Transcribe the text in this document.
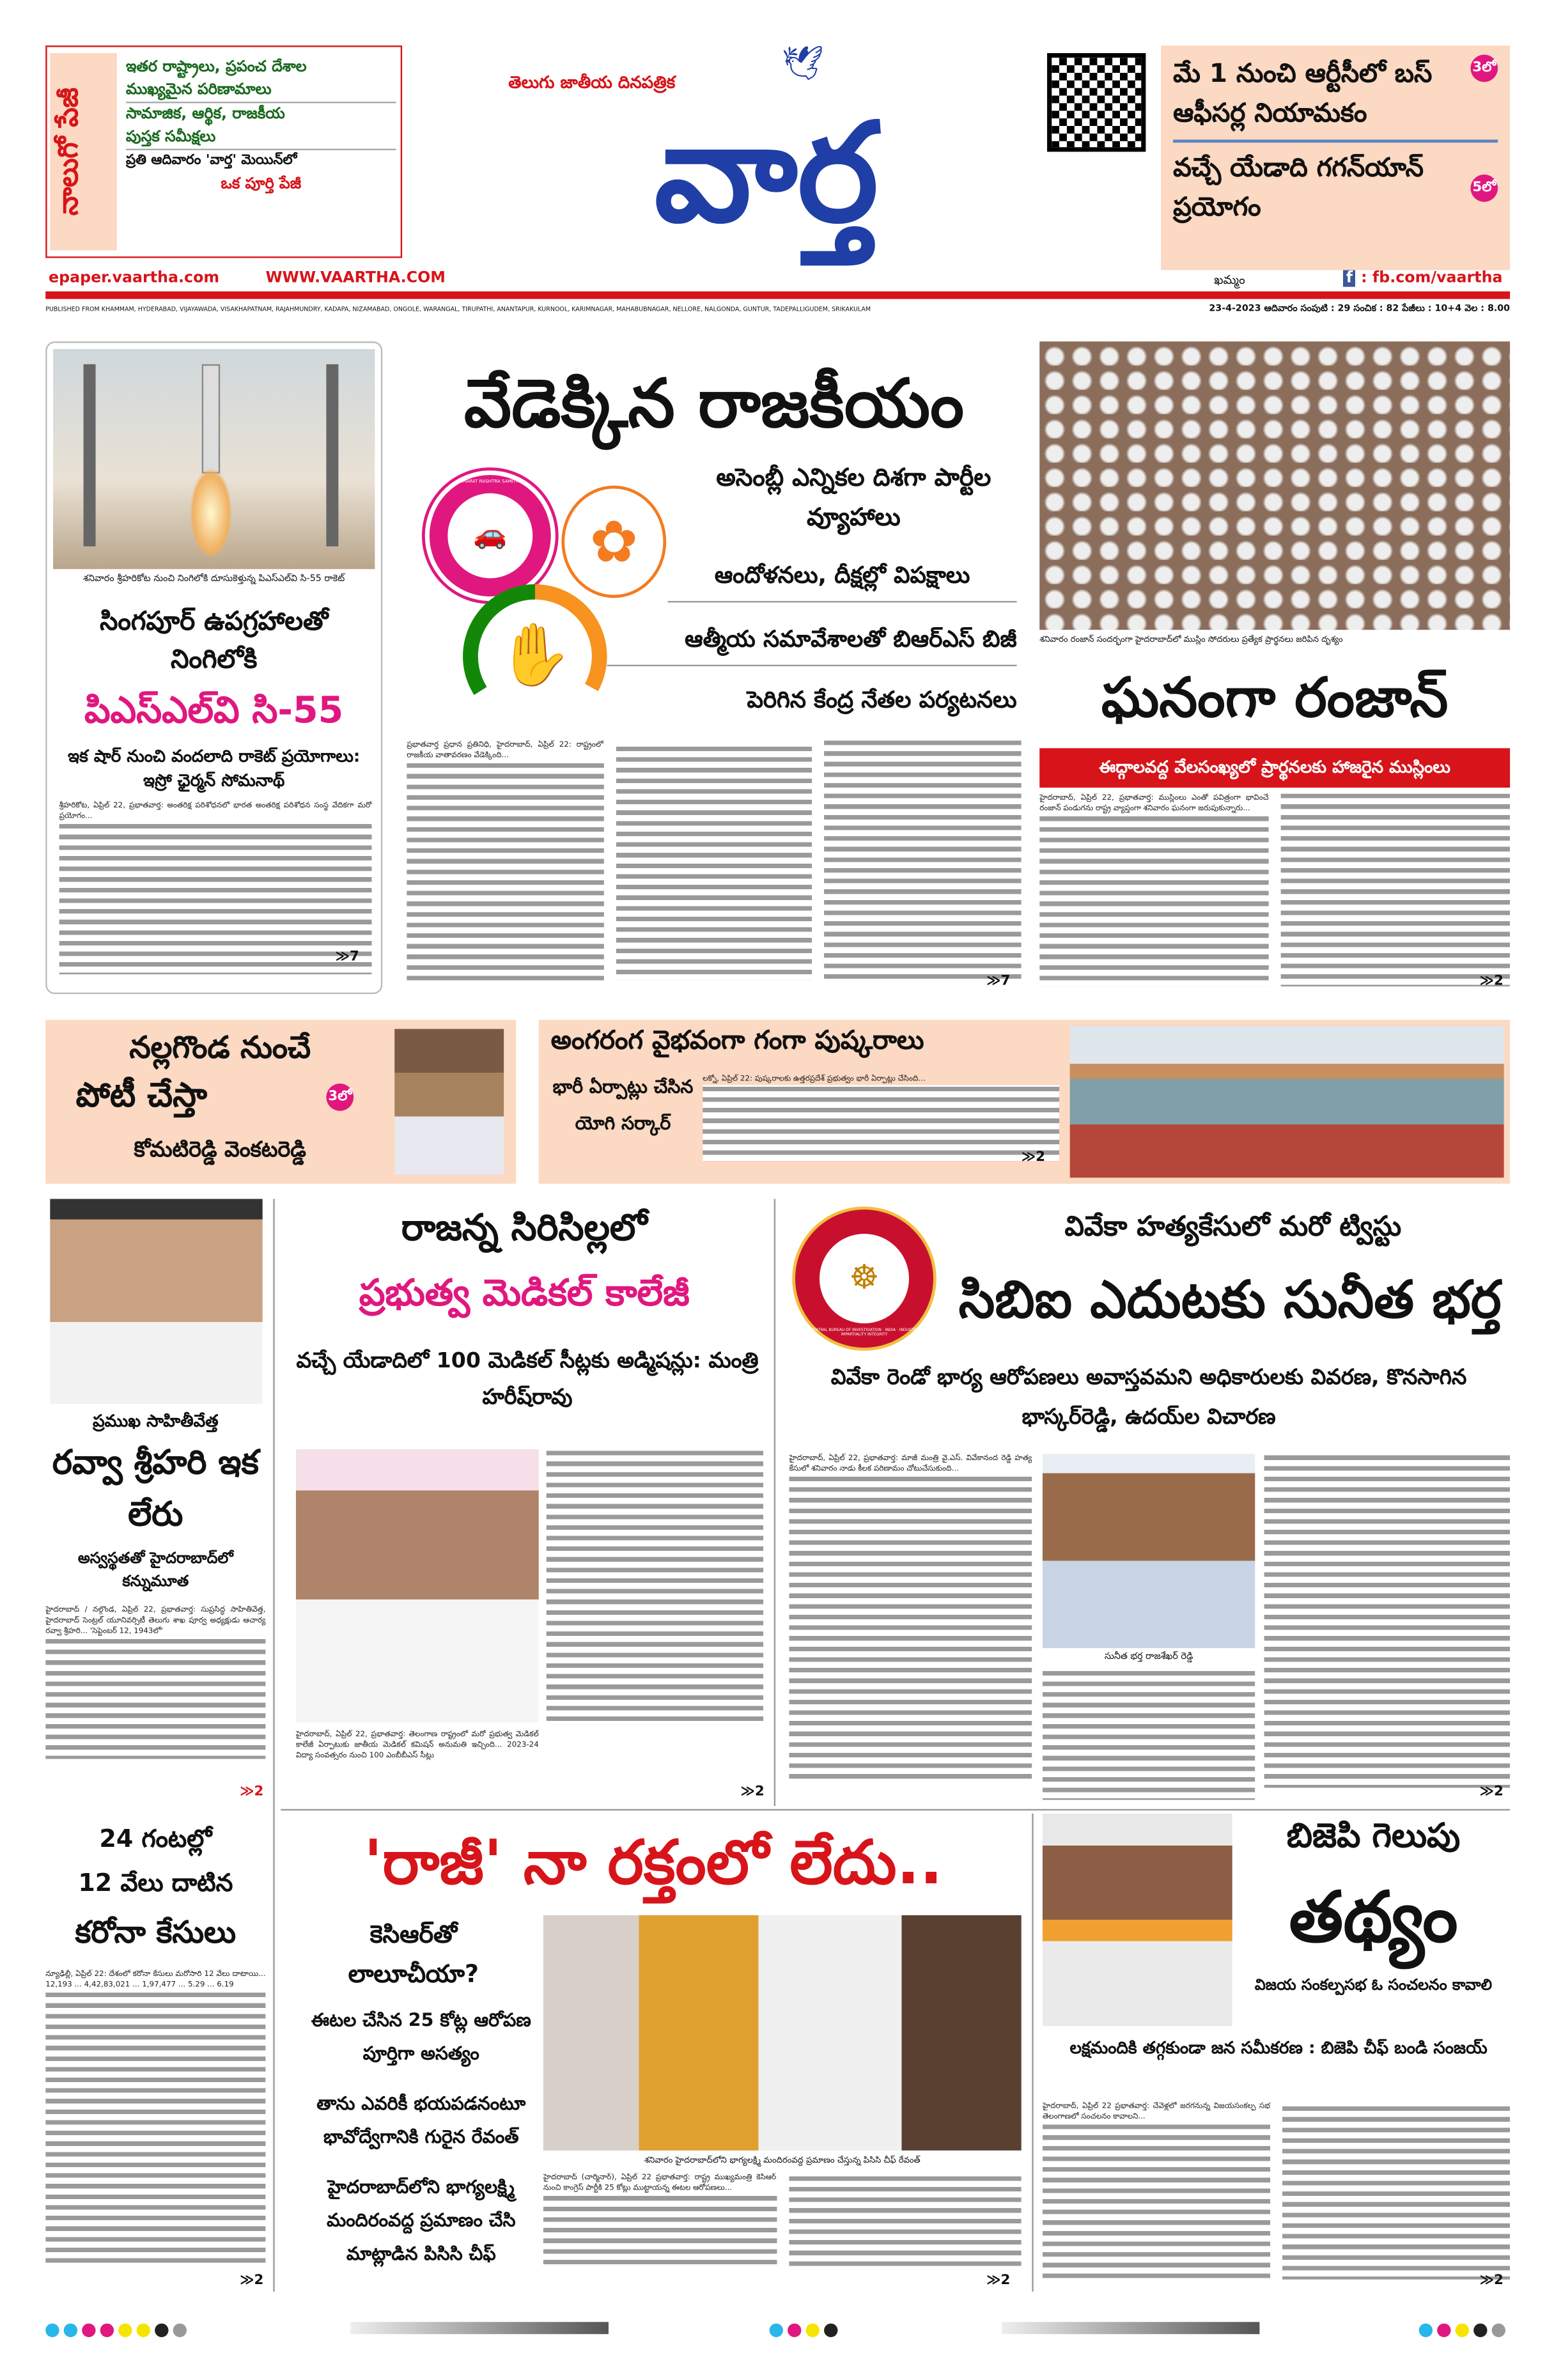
నాలుగో పేజీ
ఇతర రాష్ట్రాలు, ప్రపంచ దేశాల
ముఖ్యమైన పరిణామాలు
సామాజిక, ఆర్థిక, రాజకీయ
పుస్తక సమీక్షలు
ప్రతి ఆదివారం 'వార్త' మెయిన్‌లో
ఒక పూర్తి పేజీ
తెలుగు జాతీయ దినపత్రిక	🕊
వార్త
మే 1 నుంచి ఆర్టీసీలో బస్ ఆఫీసర్ల నియామకం
3లో
వచ్చే యేడాది గగన్‌యాన్ ప్రయోగం
5లో
epaper.vaartha.com	WWW.VAARTHA.COM	ఖమ్మం	f : fb.com/vaartha
PUBLISHED FROM KHAMMAM, HYDERABAD, VIJAYAWADA, VISAKHAPATNAM, RAJAHMUNDRY, KADAPA, NIZAMABAD, ONGOLE, WARANGAL, TIRUPATHI, ANANTAPUR, KURNOOL, KARIMNAGAR, MAHABUBNAGAR, NELLORE, NALGONDA, GUNTUR, TADEPALLIGUDEM, SRIKAKULAM	23-4-2023 ఆదివారం సంపుటి : 29 సంచిక : 82 పేజీలు : 10+4 వెల : 8.00
శనివారం శ్రీహరికోట నుంచి నింగిలోకి దూసుకెళ్తున్న పిఎస్ఎల్‌వి సి-55 రాకెట్
సింగపూర్ ఉపగ్రహాలతో నింగిలోకి
పిఎస్ఎల్‌వి సి-55
ఇక షార్ నుంచి వందలాది రాకెట్ ప్రయోగాలు: ఇస్రో ఛైర్మన్ సోమనాథ్
శ్రీహరికోట, ఏప్రిల్ 22, ప్రభాతవార్త: అంతరిక్ష పరిశోధనలో భారత అంతరిక్ష పరిశోధన సంస్థ వేదికగా మరో ప్రయోగం...
≫7
వేడెక్కిన రాజకీయం
🚗
BHARAT RASHTRA SAMITHI
✿
✋
అసెంబ్లీ ఎన్నికల దిశగా పార్టీల వ్యూహాలు
ఆందోళనలు, దీక్షల్లో విపక్షాలు
ఆత్మీయ సమావేశాలతో బిఆర్ఎస్ బిజీ
పెరిగిన కేంద్ర నేతల పర్యటనలు
ప్రభాతవార్త ప్రధాన ప్రతినిధి, హైదరాబాద్, ఏప్రిల్ 22: రాష్ట్రంలో రాజకీయ వాతావరణం వేడెక్కింది...
≫7
శనివారం రంజాన్ సందర్భంగా హైదరాబాద్‌లో ముస్లిం సోదరులు ప్రత్యేక ప్రార్థనలు జరిపిన దృశ్యం
ఘనంగా రంజాన్
ఈద్గాలవద్ద వేలసంఖ్యలో ప్రార్థనలకు హాజరైన ముస్లింలు
హైదరాబాద్, ఏప్రిల్ 22, ప్రభాతవార్త: ముస్లింలు ఎంతో పవిత్రంగా భావించే రంజాన్ పండుగను రాష్ట్ర వ్యాప్తంగా శనివారం ఘనంగా జరుపుకున్నారు...
≫2
నల్లగొండ నుంచే
పోటీ చేస్తా	3లో
కోమటిరెడ్డి వెంకటరెడ్డి
అంగరంగ వైభవంగా గంగా పుష్కరాలు
భారీ ఏర్పాట్లు చేసిన యోగి సర్కార్
లక్నో, ఏప్రిల్ 22: పుష్కరాలకు ఉత్తరప్రదేశ్ ప్రభుత్వం భారీ ఏర్పాట్లు చేసింది...
≫2
ప్రముఖ సాహితీవేత్త
రవ్వా శ్రీహరి ఇక లేరు
అస్వస్థతతో హైదరాబాద్‌లో కన్నుమూత
హైదరాబాద్ / నల్గొండ, ఏప్రిల్ 22, ప్రభాతవార్త: సుప్రసిద్ధ సాహితీవేత్త, హైదరాబాద్ సెంట్రల్ యూనివర్సిటీ తెలుగు శాఖ పూర్వ అధ్యక్షుడు ఆచార్య రవ్వా శ్రీహరి... 'సెప్టెంబర్ 12, 1943లో'
≫2
రాజన్న సిరిసిల్లలో
ప్రభుత్వ మెడికల్ కాలేజీ
వచ్చే యేడాదిలో 100 మెడికల్ సీట్లకు అడ్మిషన్లు: మంత్రి హరీష్‌రావు
హైదరాబాద్, ఏప్రిల్ 22, ప్రభాతవార్త: తెలంగాణ రాష్ట్రంలో మరో ప్రభుత్వ మెడికల్ కాలేజీ ఏర్పాటుకు జాతీయ మెడికల్ కమిషన్ అనుమతి ఇచ్చింది... 2023-24 విద్యా సంవత్సరం నుంచి 100 ఎంబీబీఎస్ సీట్లు
≫2
☸
CENTRAL BUREAU OF INVESTIGATION · INDIA · INDUSTRY IMPARTIALITY INTEGRITY
వివేకా హత్యకేసులో మరో ట్విస్టు
సిబిఐ ఎదుటకు సునీత భర్త
వివేకా రెండో భార్య ఆరోపణలు అవాస్తవమని అధికారులకు వివరణ, కొనసాగిన భాస్కర్‌రెడ్డి, ఉదయ్‌ల విచారణ
హైదరాబాద్, ఏప్రిల్ 22, ప్రభాతవార్త: మాజీ మంత్రి వై.ఎస్. వివేకానంద రెడ్డి హత్య కేసులో శనివారం నాడు కీలక పరిణామం చోటుచేసుకుంది...
సునీత భర్త రాజశేఖర్ రెడ్డి
≫2
24 గంటల్లో
12 వేలు దాటిన
కరోనా కేసులు
న్యూఢిల్లీ, ఏప్రిల్ 22: దేశంలో కరోనా కేసులు మరోసారి 12 వేలు దాటాయి... 12,193 ... 4,42,83,021 ... 1,97,477 ... 5.29 ... 6.19
≫2
'రాజీ' నా రక్తంలో లేదు..
కెసిఆర్‌తో లాలూచీయా?
ఈటల చేసిన 25 కోట్ల ఆరోపణ పూర్తిగా అసత్యం
తాను ఎవరికీ భయపడనంటూ భావోద్వేగానికి గురైన రేవంత్
హైదరాబాద్‌లోని భాగ్యలక్ష్మి మందిరంవద్ద ప్రమాణం చేసి మాట్లాడిన పిసిసి చీఫ్
శనివారం హైదరాబాద్‌లోని భాగ్యలక్ష్మి మందిరంవద్ద ప్రమాణం చేస్తున్న పిసిసి చీఫ్ రేవంత్
హైదరాబాద్ (చార్మినార్), ఏప్రిల్ 22 ప్రభాతవార్త: రాష్ట్ర ముఖ్యమంత్రి కెసిఆర్ నుంచి కాంగ్రెస్ పార్టీకి 25 కోట్లు ముట్టాయన్న ఈటల ఆరోపణలు...
≫2
బిజెపి గెలుపు
తథ్యం
విజయ సంకల్పసభ ఓ సంచలనం కావాలి
లక్షమందికి తగ్గకుండా జన సమీకరణ : బిజెపి చీఫ్ బండి సంజయ్
హైదరాబాద్, ఏప్రిల్ 22 ప్రభాతవార్త: చేవెళ్లలో జరగనున్న విజయసంకల్ప సభ తెలంగాణలో సంచలనం కావాలని...
≫2
